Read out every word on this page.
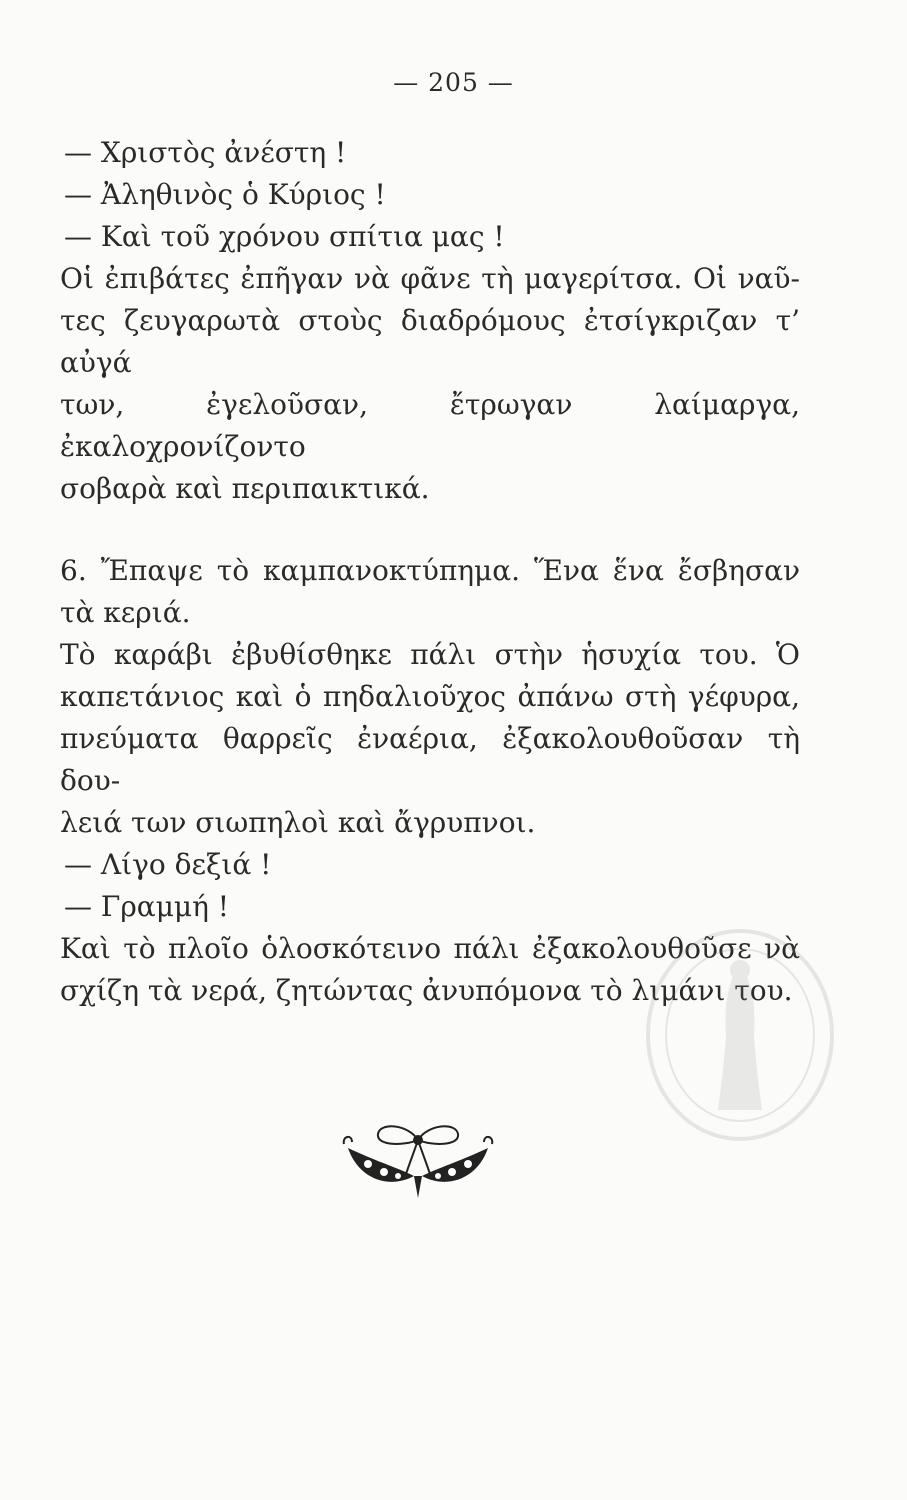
— 205 —
— Χριστὸς ἀνέστη !
— Ἀληθινὸς ὁ Κύριος !
— Καὶ τοῦ χρόνου σπίτια μας !
Οἱ ἐπιβάτες ἐπῆγαν νὰ φᾶνε τὴ μαγερίτσα. Οἱ ναῦ-
τες ζευγαρωτὰ στοὺς διαδρόμους ἐτσίγκριζαν τ’ αὐγά
των, ἐγελοῦσαν, ἔτρωγαν λαίμαργα, ἐκαλοχρονίζοντο
σοβαρὰ καὶ περιπαικτικά.
6. Ἔπαψε τὸ καμπανοκτύπημα. Ἕνα ἕνα ἔσβησαν
τὰ κεριά.
Τὸ καράβι ἐβυθίσθηκε πάλι στὴν ἡσυχία του. Ὁ
καπετάνιος καὶ ὁ πηδαλιοῦχος ἀπάνω στὴ γέφυρα,
πνεύματα θαρρεῖς ἐναέρια, ἐξακολουθοῦσαν τὴ δου-
λειά των σιωπηλοὶ καὶ ἄγρυπνοι.
— Λίγο δεξιά !
— Γραμμή !
Καὶ τὸ πλοῖο ὁλοσκότεινο πάλι ἐξακολουθοῦσε νὰ
σχίζη τὰ νερά, ζητώντας ἀνυπόμονα τὸ λιμάνι του.
